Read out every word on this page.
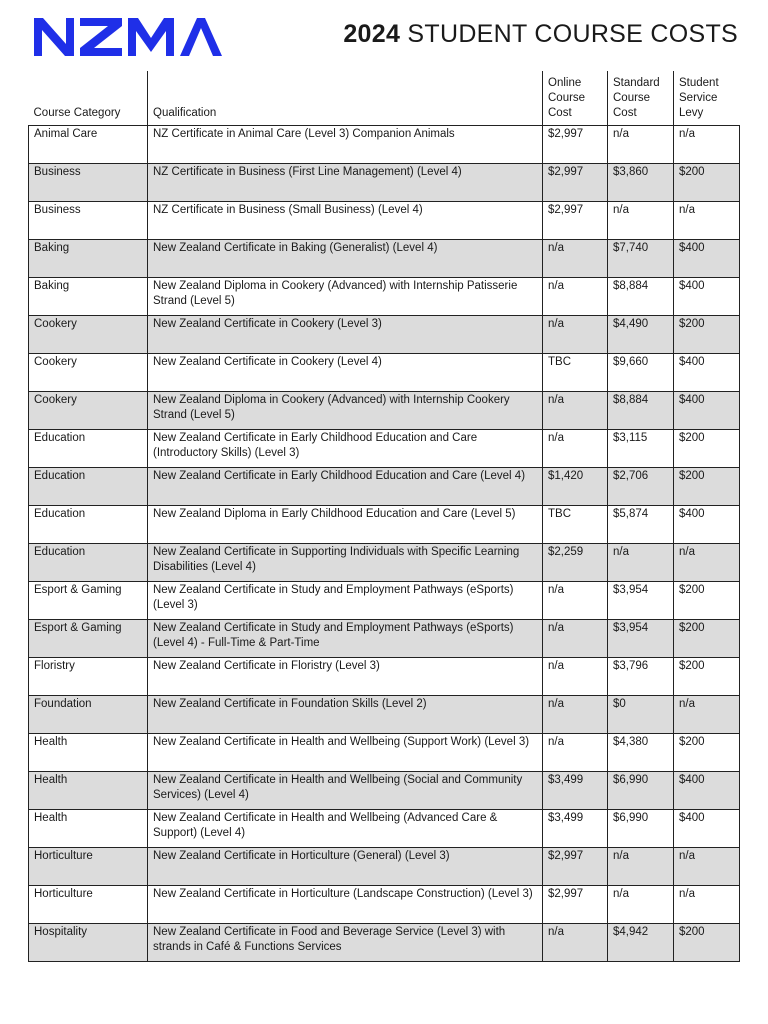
2024 STUDENT COURSE COSTS
Course Category	Qualification	Online Course Cost	Standard Course Cost	Student Service Levy
Animal Care	NZ Certificate in Animal Care (Level 3) Companion Animals	$2,997	n/a	n/a
Business	NZ Certificate in Business (First Line Management) (Level 4)	$2,997	$3,860	$200
Business	NZ Certificate in Business (Small Business) (Level 4)	$2,997	n/a	n/a
Baking	New Zealand Certificate in Baking (Generalist) (Level 4)	n/a	$7,740	$400
Baking	New Zealand Diploma in Cookery (Advanced) with Internship Patisserie Strand (Level 5)	n/a	$8,884	$400
Cookery	New Zealand Certificate in Cookery (Level 3)	n/a	$4,490	$200
Cookery	New Zealand Certificate in Cookery (Level 4)	TBC	$9,660	$400
Cookery	New Zealand Diploma in Cookery (Advanced) with Internship Cookery Strand (Level 5)	n/a	$8,884	$400
Education	New Zealand Certificate in Early Childhood Education and Care (Introductory Skills) (Level 3)	n/a	$3,115	$200
Education	New Zealand Certificate in Early Childhood Education and Care (Level 4)	$1,420	$2,706	$200
Education	New Zealand Diploma in Early Childhood Education and Care (Level 5)	TBC	$5,874	$400
Education	New Zealand Certificate in Supporting Individuals with Specific Learning Disabilities (Level 4)	$2,259	n/a	n/a
Esport & Gaming	New Zealand Certificate in Study and Employment Pathways (eSports) (Level 3)	n/a	$3,954	$200
Esport & Gaming	New Zealand Certificate in Study and Employment Pathways (eSports) (Level 4) - Full-Time & Part-Time	n/a	$3,954	$200
Floristry	New Zealand Certificate in Floristry (Level 3)	n/a	$3,796	$200
Foundation	New Zealand Certificate in Foundation Skills (Level 2)	n/a	$0	n/a
Health	New Zealand Certificate in Health and Wellbeing (Support Work) (Level 3)	n/a	$4,380	$200
Health	New Zealand Certificate in Health and Wellbeing (Social and Community Services) (Level 4)	$3,499	$6,990	$400
Health	New Zealand Certificate in Health and Wellbeing (Advanced Care & Support) (Level 4)	$3,499	$6,990	$400
Horticulture	New Zealand Certificate in Horticulture (General) (Level 3)	$2,997	n/a	n/a
Horticulture	New Zealand Certificate in Horticulture (Landscape Construction) (Level 3)	$2,997	n/a	n/a
Hospitality	New Zealand Certificate in Food and Beverage Service (Level 3) with strands in Café & Functions Services	n/a	$4,942	$200
